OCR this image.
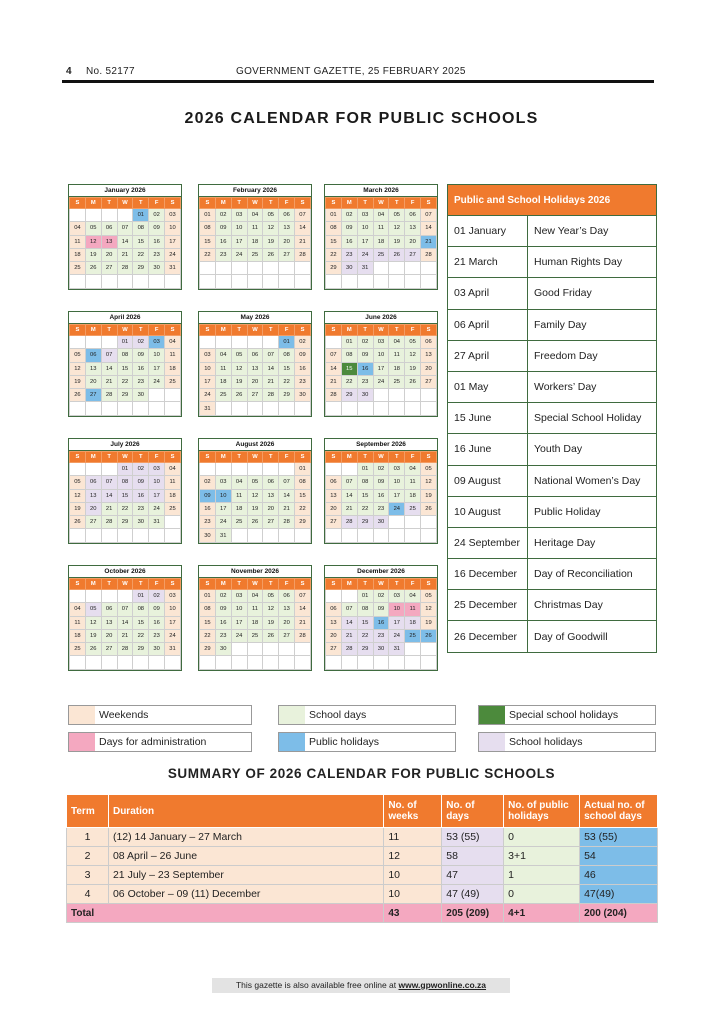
4 No. 52177	GOVERNMENT GAZETTE, 25 FEBRUARY 2025
2026 CALENDAR FOR PUBLIC SCHOOLS
January 2026
S	M	T	W	T	F	S
				01	02	03
04	05	06	07	08	09	10
11	12	13	14	15	16	17
18	19	20	21	22	23	24
25	26	27	28	29	30	31

February 2026
S	M	T	W	T	F	S
01	02	03	04	05	06	07
08	09	10	11	12	13	14
15	16	17	18	19	20	21
22	23	24	25	26	27	28

March 2026
S	M	T	W	T	F	S
01	02	03	04	05	06	07
08	09	10	11	12	13	14
15	16	17	18	19	20	21
22	23	24	25	26	27	28
29	30	31				

April 2026
S	M	T	W	T	F	S
			01	02	03	04
05	06	07	08	09	10	11
12	13	14	15	16	17	18
19	20	21	22	23	24	25
26	27	28	29	30		

May 2026
S	M	T	W	T	F	S
					01	02
03	04	05	06	07	08	09
10	11	12	13	14	15	16
17	18	19	20	21	22	23
24	25	26	27	28	29	30
31						
June 2026
S	M	T	W	T	F	S
	01	02	03	04	05	06
07	08	09	10	11	12	13
14	15	16	17	18	19	20
21	22	23	24	25	26	27
28	29	30				

July 2026
S	M	T	W	T	F	S
			01	02	03	04
05	06	07	08	09	10	11
12	13	14	15	16	17	18
19	20	21	22	23	24	25
26	27	28	29	30	31	

August 2026
S	M	T	W	T	F	S
						01
02	03	04	05	06	07	08
09	10	11	12	13	14	15
16	17	18	19	20	21	22
23	24	25	26	27	28	29
30	31					
September 2026
S	M	T	W	T	F	S
		01	02	03	04	05
06	07	08	09	10	11	12
13	14	15	16	17	18	19
20	21	22	23	24	25	26
27	28	29	30			

October 2026
S	M	T	W	T	F	S
				01	02	03
04	05	06	07	08	09	10
11	12	13	14	15	16	17
18	19	20	21	22	23	24
25	26	27	28	29	30	31

November 2026
S	M	T	W	T	F	S
01	02	03	04	05	06	07
08	09	10	11	12	13	14
15	16	17	18	19	20	21
22	23	24	25	26	27	28
29	30					

December 2026
S	M	T	W	T	F	S
		01	02	03	04	05
06	07	08	09	10	11	12
13	14	15	16	17	18	19
20	21	22	23	24	25	26
27	28	29	30	31		

Public and School Holidays 2026	
01 January	New Year’s Day
21 March	Human Rights Day
03 April	Good Friday
06 April	Family Day
27 April	Freedom Day
01 May	Workers’ Day
15 June	Special School Holiday
16 June	Youth Day
09 August	National Women’s Day
10 August	Public Holiday
24 September	Heritage Day
16 December	Day of Reconciliation
25 December	Christmas Day
26 December	Day of Goodwill
Weekends	School days	Special school holidays
Days for administration	Public holidays	School holidays
SUMMARY OF 2026 CALENDAR FOR PUBLIC SCHOOLS
Term	Duration	No. of weeks	No. of days	No. of public holidays	Actual no. of school days
1	(12) 14 January – 27 March	11	53 (55)	0	53 (55)
2	08 April – 26 June	12	58	3+1	54
3	21 July – 23 September	10	47	1	46
4	06 October – 09 (11) December	10	47 (49)	0	47(49)
Total		43	205 (209)	4+1	200 (204)
This gazette is also available free online at www.gpwonline.co.za
